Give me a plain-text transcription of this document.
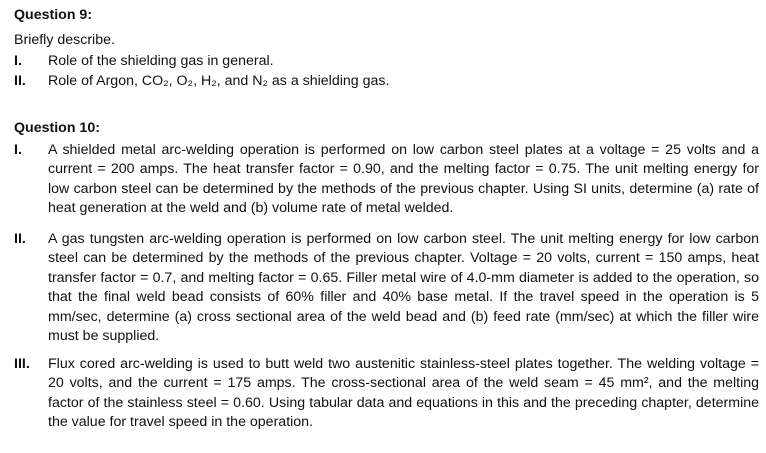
Question 9:
Briefly describe.
I.	Role of the shielding gas in general.
II.	Role of Argon, CO₂, O₂, H₂, and N₂ as a shielding gas.
Question 10:
I.	A shielded metal arc-welding operation is performed on low carbon steel plates at a voltage = 25 volts and a current = 200 amps. The heat transfer factor = 0.90, and the melting factor = 0.75. The unit melting energy for low carbon steel can be determined by the methods of the previous chapter. Using SI units, determine (a) rate of heat generation at the weld and (b) volume rate of metal welded.
II.	A gas tungsten arc-welding operation is performed on low carbon steel. The unit melting energy for low carbon steel can be determined by the methods of the previous chapter. Voltage = 20 volts, current = 150 amps, heat transfer factor = 0.7, and melting factor = 0.65. Filler metal wire of 4.0-mm diameter is added to the operation, so that the final weld bead consists of 60% filler and 40% base metal. If the travel speed in the operation is 5 mm/sec, determine (a) cross sectional area of the weld bead and (b) feed rate (mm/sec) at which the filler wire must be supplied.
III.	Flux cored arc-welding is used to butt weld two austenitic stainless-steel plates together. The welding voltage = 20 volts, and the current = 175 amps. The cross-sectional area of the weld seam = 45 mm², and the melting factor of the stainless steel = 0.60. Using tabular data and equations in this and the preceding chapter, determine the value for travel speed in the operation.
